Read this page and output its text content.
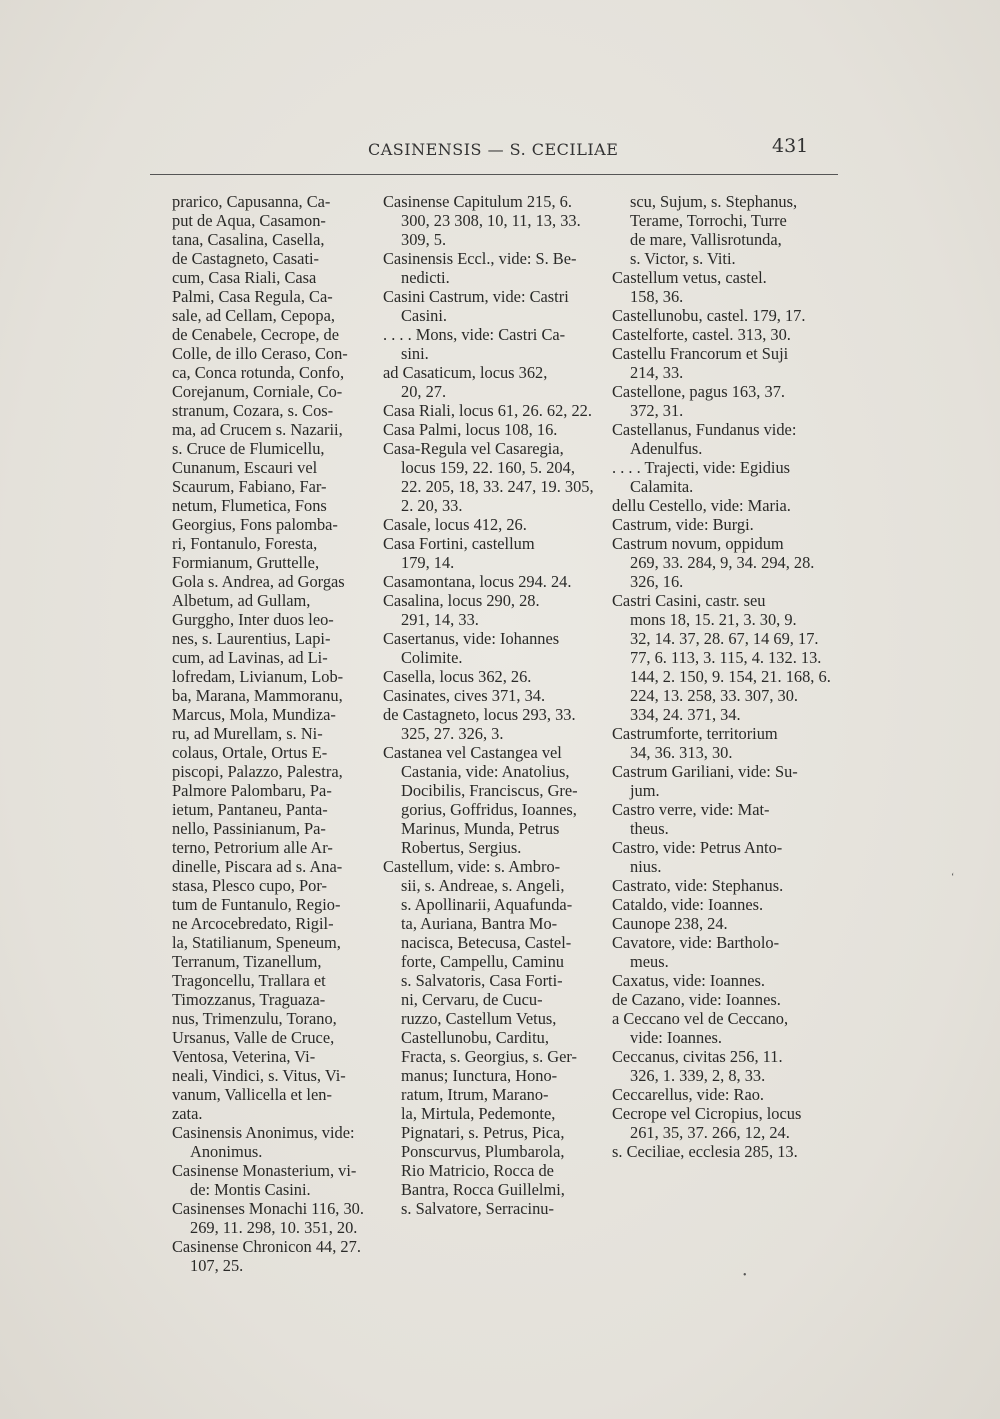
CASINENSIS — S. CECILIAE	431
prarico, Capusanna, Ca-
put de Aqua, Casamon-
tana, Casalina, Casella,
de Castagneto, Casati-
cum, Casa Riali, Casa
Palmi, Casa Regula, Ca-
sale, ad Cellam, Cepopa,
de Cenabele, Cecrope, de
Colle, de illo Ceraso, Con-
ca, Conca rotunda, Confo,
Corejanum, Corniale, Co-
stranum, Cozara, s. Cos-
ma, ad Crucem s. Nazarii,
s. Cruce de Flumicellu,
Cunanum, Escauri vel
Scaurum, Fabiano, Far-
netum, Flumetica, Fons
Georgius, Fons palomba-
ri, Fontanulo, Foresta,
Formianum, Gruttelle,
Gola s. Andrea, ad Gorgas
Albetum, ad Gullam,
Gurggho, Inter duos leo-
nes, s. Laurentius, Lapi-
cum, ad Lavinas, ad Li-
lofredam, Livianum, Lob-
ba, Marana, Mammoranu,
Marcus, Mola, Mundiza-
ru, ad Murellam, s. Ni-
colaus, Ortale, Ortus E-
piscopi, Palazzo, Palestra,
Palmore Palombaru, Pa-
ietum, Pantaneu, Panta-
nello, Passinianum, Pa-
terno, Petrorium alle Ar-
dinelle, Piscara ad s. Ana-
stasa, Plesco cupo, Por-
tum de Funtanulo, Regio-
ne Arcocebredato, Rigil-
la, Statilianum, Speneum,
Terranum, Tizanellum,
Tragoncellu, Trallara et
Timozzanus, Traguaza-
nus, Trimenzulu, Torano,
Ursanus, Valle de Cruce,
Ventosa, Veterina, Vi-
neali, Vindici, s. Vitus, Vi-
vanum, Vallicella et len-
zata.
Casinensis Anonimus, vide:
Anonimus.
Casinense Monasterium, vi-
de: Montis Casini.
Casinenses Monachi 116, 30.
269, 11. 298, 10. 351, 20.
Casinense Chronicon 44, 27.
107, 25.
Casinense Capitulum 215, 6.
300, 23 308, 10, 11, 13, 33.
309, 5.
Casinensis Eccl., vide: S. Be-
nedicti.
Casini Castrum, vide: Castri
Casini.
. . . . Mons, vide: Castri Ca-
sini.
ad Casaticum, locus 362,
20, 27.
Casa Riali, locus 61, 26. 62, 22.
Casa Palmi, locus 108, 16.
Casa-Regula vel Casaregia,
locus 159, 22. 160, 5. 204,
22. 205, 18, 33. 247, 19. 305,
2. 20, 33.
Casale, locus 412, 26.
Casa Fortini, castellum
179, 14.
Casamontana, locus 294. 24.
Casalina, locus 290, 28.
291, 14, 33.
Casertanus, vide: Iohannes
Colimite.
Casella, locus 362, 26.
Casinates, cives 371, 34.
de Castagneto, locus 293, 33.
325, 27. 326, 3.
Castanea vel Castangea vel
Castania, vide: Anatolius,
Docibilis, Franciscus, Gre-
gorius, Goffridus, Ioannes,
Marinus, Munda, Petrus
Robertus, Sergius.
Castellum, vide: s. Ambro-
sii, s. Andreae, s. Angeli,
s. Apollinarii, Aquafunda-
ta, Auriana, Bantra Mo-
nacisca, Betecusa, Castel-
forte, Campellu, Caminu
s. Salvatoris, Casa Forti-
ni, Cervaru, de Cucu-
ruzzo, Castellum Vetus,
Castellunobu, Carditu,
Fracta, s. Georgius, s. Ger-
manus; Iunctura, Hono-
ratum, Itrum, Marano-
la, Mirtula, Pedemonte,
Pignatari, s. Petrus, Pica,
Ponscurvus, Plumbarola,
Rio Matricio, Rocca de
Bantra, Rocca Guillelmi,
s. Salvatore, Serracinu-
scu, Sujum, s. Stephanus,
Terame, Torrochi, Turre
de mare, Vallisrotunda,
s. Victor, s. Viti.
Castellum vetus, castel.
158, 36.
Castellunobu, castel. 179, 17.
Castelforte, castel. 313, 30.
Castellu Francorum et Suji
214, 33.
Castellone, pagus 163, 37.
372, 31.
Castellanus, Fundanus vide:
Adenulfus.
. . . . Trajecti, vide: Egidius
Calamita.
dellu Cestello, vide: Maria.
Castrum, vide: Burgi.
Castrum novum, oppidum
269, 33. 284, 9, 34. 294, 28.
326, 16.
Castri Casini, castr. seu
mons 18, 15. 21, 3. 30, 9.
32, 14. 37, 28. 67, 14 69, 17.
77, 6. 113, 3. 115, 4. 132. 13.
144, 2. 150, 9. 154, 21. 168, 6.
224, 13. 258, 33. 307, 30.
334, 24. 371, 34.
Castrumforte, territorium
34, 36. 313, 30.
Castrum Gariliani, vide: Su-
jum.
Castro verre, vide: Mat-
theus.
Castro, vide: Petrus Anto-
nius.
Castrato, vide: Stephanus.
Cataldo, vide: Ioannes.
Caunope 238, 24.
Cavatore, vide: Bartholo-
meus.
Caxatus, vide: Ioannes.
de Cazano, vide: Ioannes.
a Ceccano vel de Ceccano,
vide: Ioannes.
Ceccanus, civitas 256, 11.
326, 1. 339, 2, 8, 33.
Ceccarellus, vide: Rao.
Cecrope vel Cicropius, locus
261, 35, 37. 266, 12, 24.
s. Ceciliae, ecclesia 285, 13.
ʻ
•
